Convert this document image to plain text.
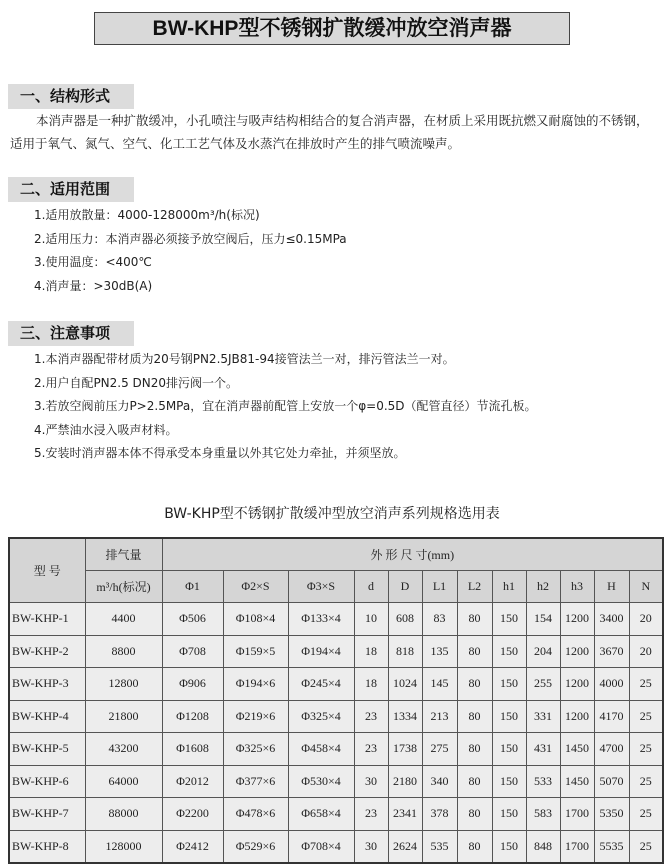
BW-KHP型不锈钢扩散缓冲放空消声器
一、结构形式
本消声器是一种扩散缓冲，小孔喷注与吸声结构相结合的复合消声器，在材质上采用既抗燃又耐腐蚀的不锈钢，适用于氧气、氮气、空气、化工工艺气体及水蒸汽在排放时产生的排气喷流噪声。
二、适用范围
1.适用放散量：4000-128000m³/h(标况)
2.适用压力：本消声器必须接予放空阀后，压力≤0.15MPa
3.使用温度：<400℃
4.消声量：>30dB(A)
三、注意事项
1.本消声器配带材质为20号钢PN2.5JB81-94接管法兰一对，排污管法兰一对。
2.用户自配PN2.5 DN20排污阀一个。
3.若放空阀前压力P>2.5MPa，宜在消声器前配管上安放一个φ=0.5D（配管直径）节流孔板。
4.严禁油水浸入吸声材料。
5.安装时消声器本体不得承受本身重量以外其它处力牵扯，并须坚放。
BW-KHP型不锈钢扩散缓冲型放空消声系列规格选用表
型 号	排气量	外 形 尺 寸(mm)											
	m³/h(标况)	Φ1	Φ2×S	Φ3×S	d	D	L1	L2	h1	h2	h3	H	N
BW-KHP-1	4400	Φ506	Φ108×4	Φ133×4	10	608	83	80	150	154	1200	3400	20
BW-KHP-2	8800	Φ708	Φ159×5	Φ194×4	18	818	135	80	150	204	1200	3670	20
BW-KHP-3	12800	Φ906	Φ194×6	Φ245×4	18	1024	145	80	150	255	1200	4000	25
BW-KHP-4	21800	Φ1208	Φ219×6	Φ325×4	23	1334	213	80	150	331	1200	4170	25
BW-KHP-5	43200	Φ1608	Φ325×6	Φ458×4	23	1738	275	80	150	431	1450	4700	25
BW-KHP-6	64000	Φ2012	Φ377×6	Φ530×4	30	2180	340	80	150	533	1450	5070	25
BW-KHP-7	88000	Φ2200	Φ478×6	Φ658×4	23	2341	378	80	150	583	1700	5350	25
BW-KHP-8	128000	Φ2412	Φ529×6	Φ708×4	30	2624	535	80	150	848	1700	5535	25
